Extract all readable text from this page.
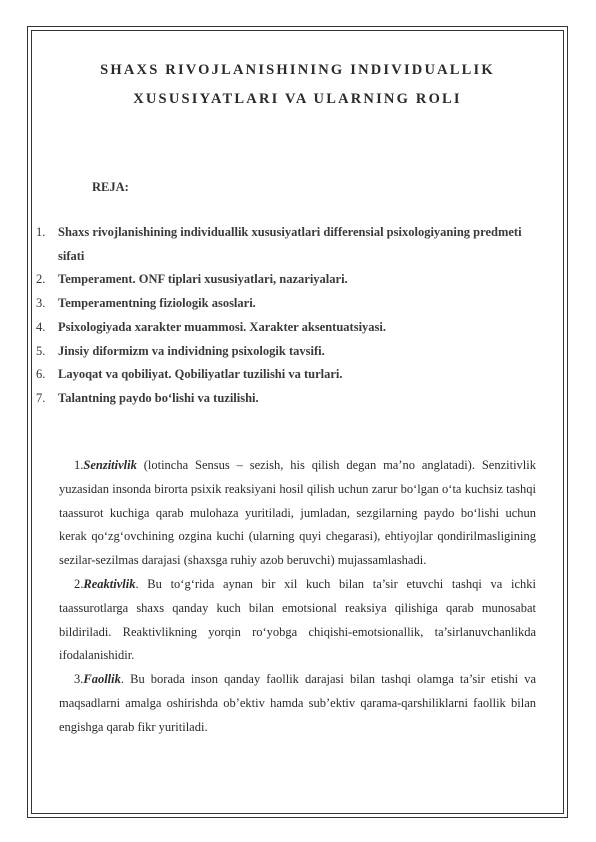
SHAXS RIVOJLANISHINING INDIVIDUALLIK
XUSUSIYATLARI VA ULARNING ROLI
REJA:
1. Shaxs rivojlanishining individuallik xususiyatlari differensial psixologiyaning predmeti sifati
2. Temperament. ONF tiplari xususiyatlari, nazariyalari.
3. Temperamentning fiziologik asoslari.
4. Psixologiyada xarakter muammosi. Xarakter aksentuatsiyasi.
5. Jinsiy diformizm va individning psixologik tavsifi.
6. Layoqat va qobiliyat. Qobiliyatlar tuzilishi va turlari.
7. Talantning paydo bo‘lishi va tuzilishi.

1.Senzitivlik (lotincha Sensus – sezish, his qilish degan ma’no anglatadi). Senzitivlik yuzasidan insonda birorta psixik reaksiyani hosil qilish uchun zarur bo‘lgan o‘ta kuchsiz tashqi taassurot kuchiga qarab mulohaza yuritiladi, jumladan, sezgilarning paydo bo‘lishi uchun kerak qo‘zg‘ovchining ozgina kuchi (ularning quyi chegarasi), ehtiyojlar qondirilmasligining sezilar-sezilmas darajasi (shaxsga ruhiy azob beruvchi) mujassamlashadi.

2.Reaktivlik. Bu to‘g‘rida aynan bir xil kuch bilan ta’sir etuvchi tashqi va ichki taassurotlarga shaxs qanday kuch bilan emotsional reaksiya qilishiga qarab munosabat bildiriladi. Reaktivlikning yorqin ro‘yobga chiqishi-emotsionallik, ta’sirlanuvchanlikda ifodalanishidir.

3.Faollik. Bu borada inson qanday faollik darajasi bilan tashqi olamga ta’sir etishi va maqsadlarni amalga oshirishda ob’ektiv hamda sub’ektiv qarama-qarshiliklarni faollik bilan engishga qarab fikr yuritiladi.
